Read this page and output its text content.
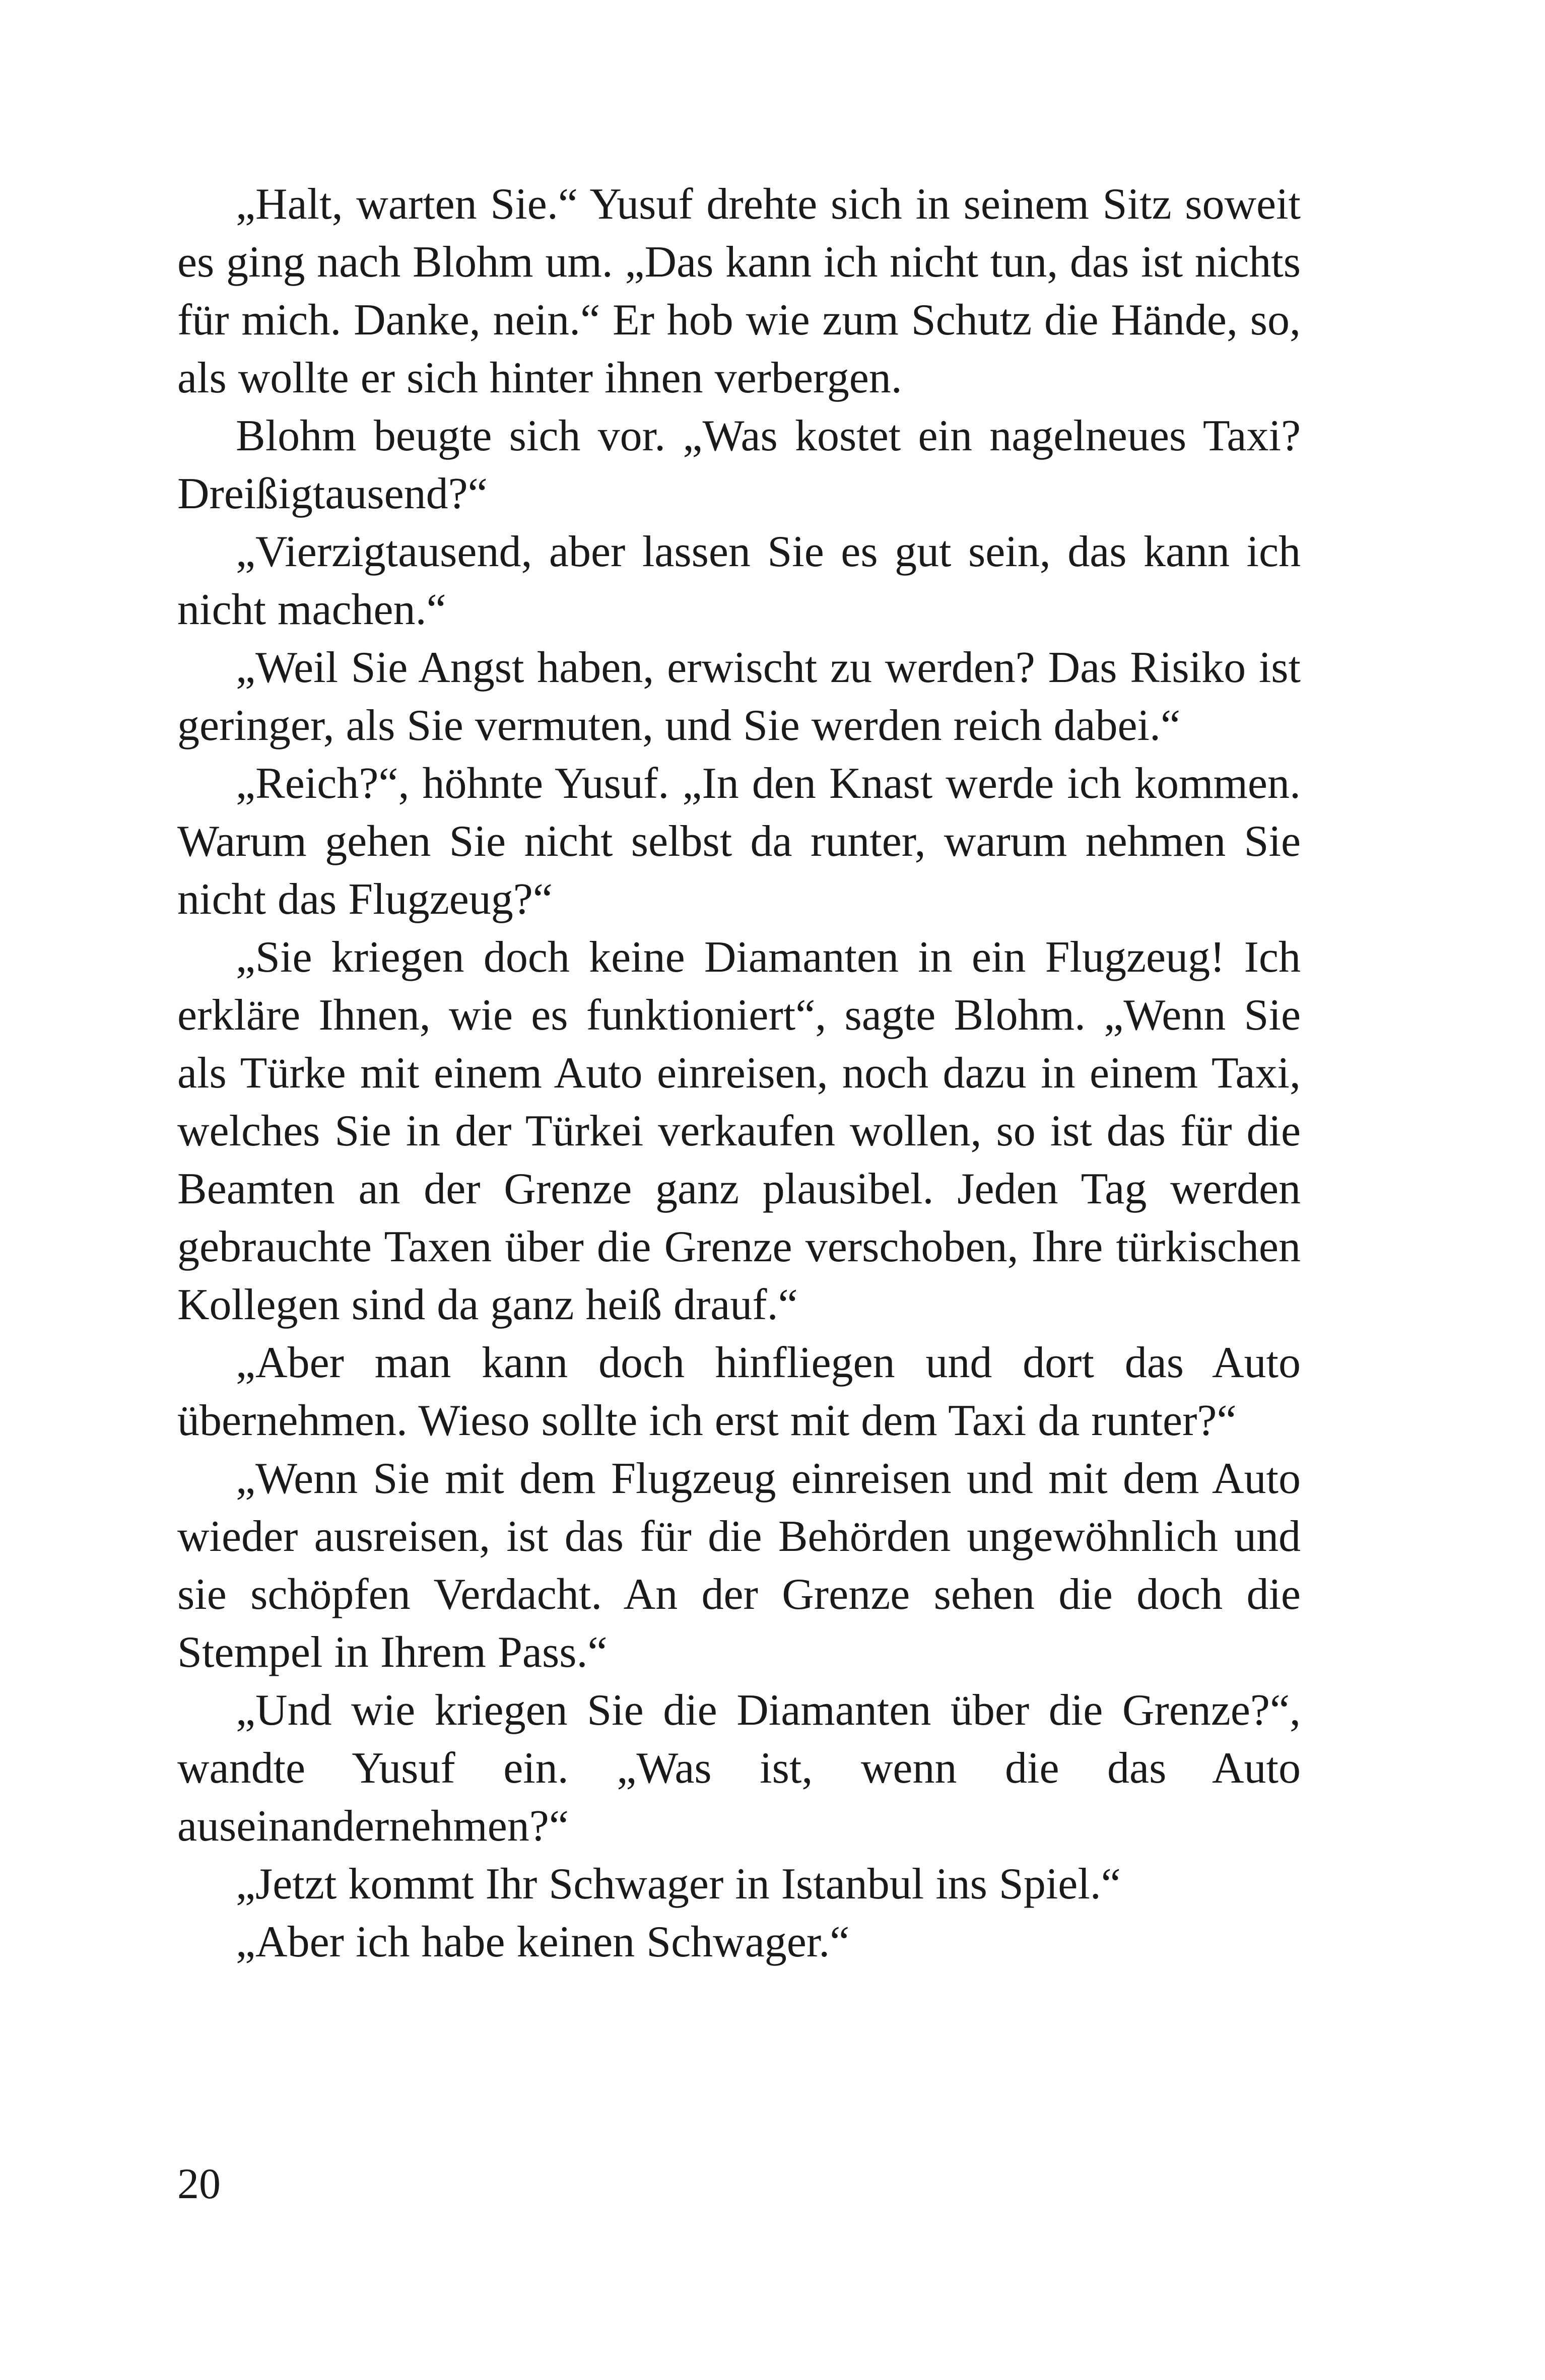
„Halt, warten Sie.“ Yusuf drehte sich in seinem Sitz soweit es ging nach Blohm um. „Das kann ich nicht tun, das ist nichts für mich. Danke, nein.“ Er hob wie zum Schutz die Hände, so, als wollte er sich hinter ihnen verbergen.

Blohm beugte sich vor. „Was kostet ein nagelneues Taxi? Dreißigtausend?“

„Vierzigtausend, aber lassen Sie es gut sein, das kann ich nicht machen.“

„Weil Sie Angst haben, erwischt zu werden? Das Risiko ist geringer, als Sie vermuten, und Sie werden reich dabei.“

„Reich?“, höhnte Yusuf. „In den Knast werde ich kommen. Warum gehen Sie nicht selbst da runter, warum nehmen Sie nicht das Flugzeug?“

„Sie kriegen doch keine Diamanten in ein Flugzeug! Ich erkläre Ihnen, wie es funktioniert“, sagte Blohm. „Wenn Sie als Türke mit einem Auto einreisen, noch dazu in einem Taxi, welches Sie in der Türkei verkaufen wollen, so ist das für die Beamten an der Grenze ganz plausibel. Jeden Tag werden gebrauchte Taxen über die Grenze verschoben, Ihre türkischen Kollegen sind da ganz heiß drauf.“

„Aber man kann doch hinfliegen und dort das Auto übernehmen. Wieso sollte ich erst mit dem Taxi da runter?“

„Wenn Sie mit dem Flugzeug einreisen und mit dem Auto wieder ausreisen, ist das für die Behörden ungewöhnlich und sie schöpfen Verdacht. An der Grenze sehen die doch die Stempel in Ihrem Pass.“

„Und wie kriegen Sie die Diamanten über die Grenze?“, wandte Yusuf ein. „Was ist, wenn die das Auto auseinandernehmen?“

„Jetzt kommt Ihr Schwager in Istanbul ins Spiel.“

„Aber ich habe keinen Schwager.“

20
